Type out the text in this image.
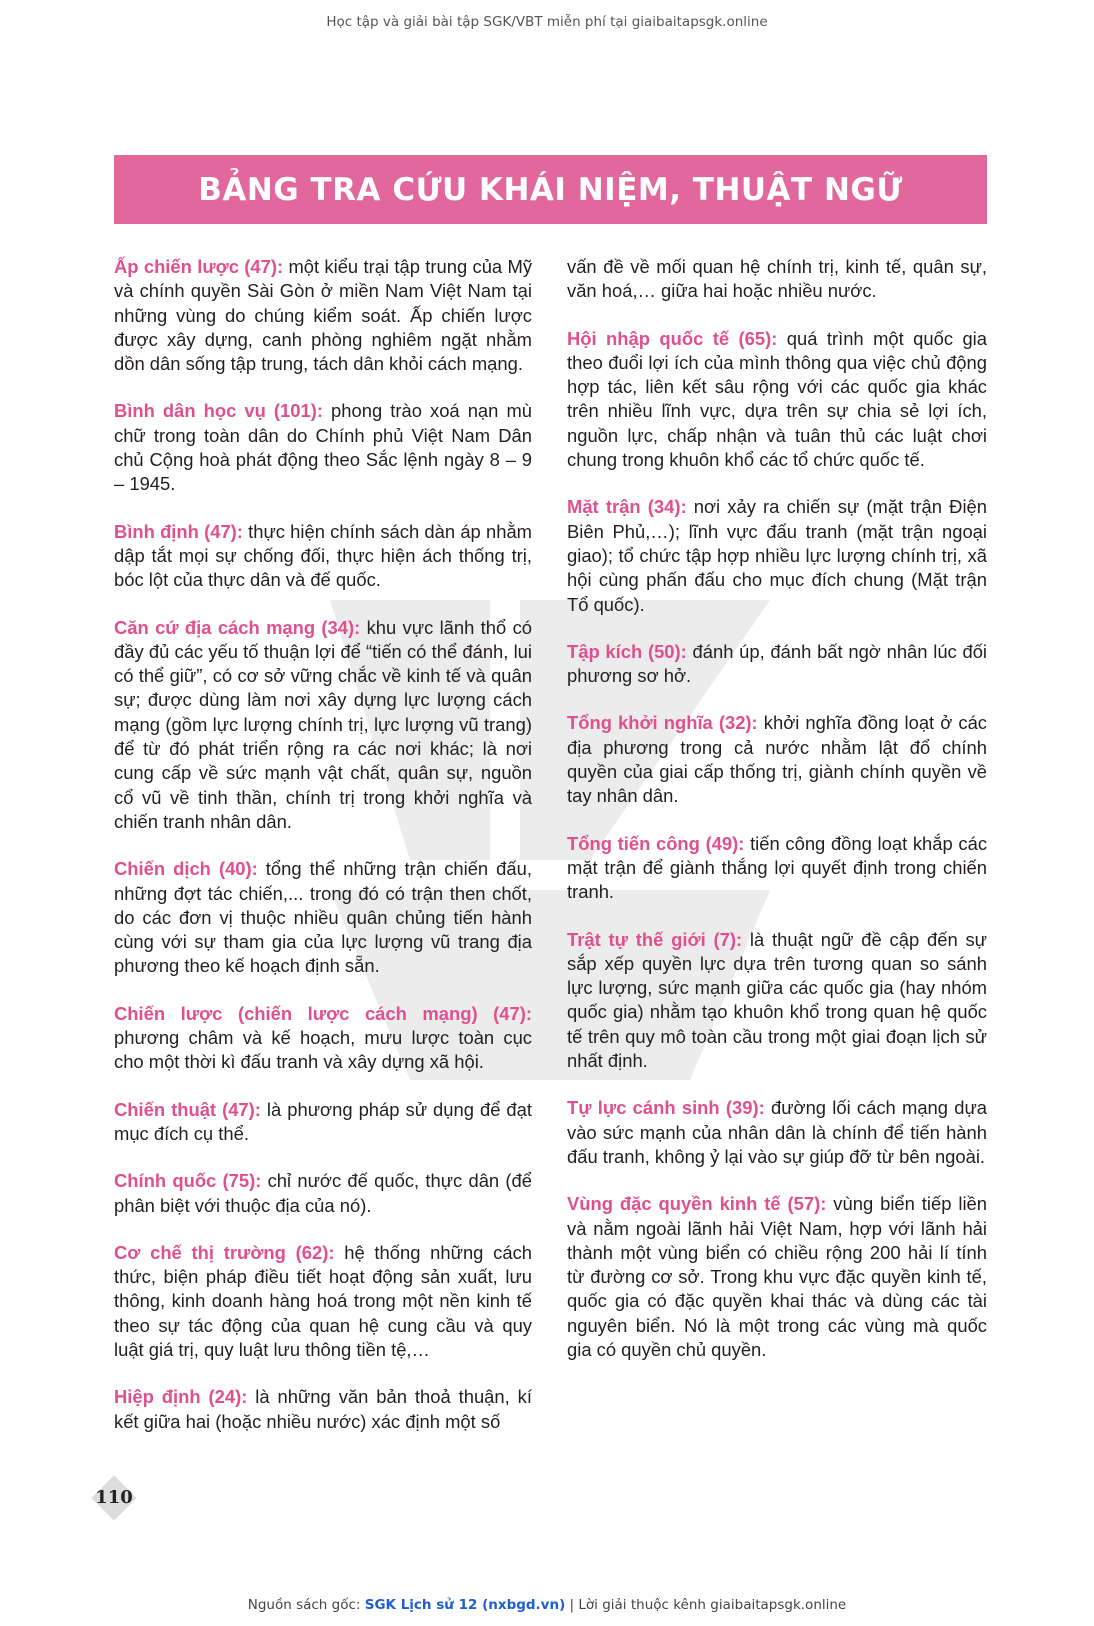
Học tập và giải bài tập SGK/VBT miễn phí tại giaibaitapsgk.online
BẢNG TRA CỨU KHÁI NIỆM, THUẬT NGỮ

Ấp chiến lược (47): một kiểu trại tập trung của Mỹ và chính quyền Sài Gòn ở miền Nam Việt Nam tại những vùng do chúng kiểm soát. Ấp chiến lược được xây dựng, canh phòng nghiêm ngặt nhằm dồn dân sống tập trung, tách dân khỏi cách mạng.

Bình dân học vụ (101): phong trào xoá nạn mù chữ trong toàn dân do Chính phủ Việt Nam Dân chủ Cộng hoà phát động theo Sắc lệnh ngày 8 – 9 – 1945.

Bình định (47): thực hiện chính sách dàn áp nhằm dập tắt mọi sự chống đối, thực hiện ách thống trị, bóc lột của thực dân và đế quốc.

Căn cứ địa cách mạng (34): khu vực lãnh thổ có đầy đủ các yếu tố thuận lợi để “tiến có thể đánh, lui có thể giữ”, có cơ sở vững chắc về kinh tế và quân sự; được dùng làm nơi xây dựng lực lượng cách mạng (gồm lực lượng chính trị, lực lượng vũ trang) để từ đó phát triển rộng ra các nơi khác; là nơi cung cấp về sức mạnh vật chất, quân sự, nguồn cổ vũ về tinh thần, chính trị trong khởi nghĩa và chiến tranh nhân dân.

Chiến dịch (40): tổng thể những trận chiến đấu, những đợt tác chiến,... trong đó có trận then chốt, do các đơn vị thuộc nhiều quân chủng tiến hành cùng với sự tham gia của lực lượng vũ trang địa phương theo kế hoạch định sẵn.

Chiến lược (chiến lược cách mạng) (47): phương châm và kế hoạch, mưu lược toàn cục cho một thời kì đấu tranh và xây dựng xã hội.

Chiến thuật (47): là phương pháp sử dụng để đạt mục đích cụ thể.

Chính quốc (75): chỉ nước đế quốc, thực dân (để phân biệt với thuộc địa của nó).

Cơ chế thị trường (62): hệ thống những cách thức, biện pháp điều tiết hoạt động sản xuất, lưu thông, kinh doanh hàng hoá trong một nền kinh tế theo sự tác động của quan hệ cung cầu và quy luật giá trị, quy luật lưu thông tiền tệ,…

Hiệp định (24): là những văn bản thoả thuận, kí kết giữa hai (hoặc nhiều nước) xác định một số

vấn đề về mối quan hệ chính trị, kinh tế, quân sự, văn hoá,… giữa hai hoặc nhiều nước.

Hội nhập quốc tế (65): quá trình một quốc gia theo đuổi lợi ích của mình thông qua việc chủ động hợp tác, liên kết sâu rộng với các quốc gia khác trên nhiều lĩnh vực, dựa trên sự chia sẻ lợi ích, nguồn lực, chấp nhận và tuân thủ các luật chơi chung trong khuôn khổ các tổ chức quốc tế.

Mặt trận (34): nơi xảy ra chiến sự (mặt trận Điện Biên Phủ,…); lĩnh vực đấu tranh (mặt trận ngoại giao); tổ chức tập hợp nhiều lực lượng chính trị, xã hội cùng phấn đấu cho mục đích chung (Mặt trận Tổ quốc).

Tập kích (50): đánh úp, đánh bất ngờ nhân lúc đối phương sơ hở.

Tổng khởi nghĩa (32): khởi nghĩa đồng loạt ở các địa phương trong cả nước nhằm lật đổ chính quyền của giai cấp thống trị, giành chính quyền về tay nhân dân.

Tổng tiến công (49): tiến công đồng loạt khắp các mặt trận để giành thắng lợi quyết định trong chiến tranh.

Trật tự thế giới (7): là thuật ngữ đề cập đến sự sắp xếp quyền lực dựa trên tương quan so sánh lực lượng, sức mạnh giữa các quốc gia (hay nhóm quốc gia) nhằm tạo khuôn khổ trong quan hệ quốc tế trên quy mô toàn cầu trong một giai đoạn lịch sử nhất định.

Tự lực cánh sinh (39): đường lối cách mạng dựa vào sức mạnh của nhân dân là chính để tiến hành đấu tranh, không ỷ lại vào sự giúp đỡ từ bên ngoài.

Vùng đặc quyền kinh tế (57): vùng biển tiếp liền và nằm ngoài lãnh hải Việt Nam, hợp với lãnh hải thành một vùng biển có chiều rộng 200 hải lí tính từ đường cơ sở. Trong khu vực đặc quyền kinh tế, quốc gia có đặc quyền khai thác và dùng các tài nguyên biển. Nó là một trong các vùng mà quốc gia có quyền chủ quyền.

110
Nguồn sách gốc: SGK Lịch sử 12 (nxbgd.vn) | Lời giải thuộc kênh giaibaitapsgk.online
